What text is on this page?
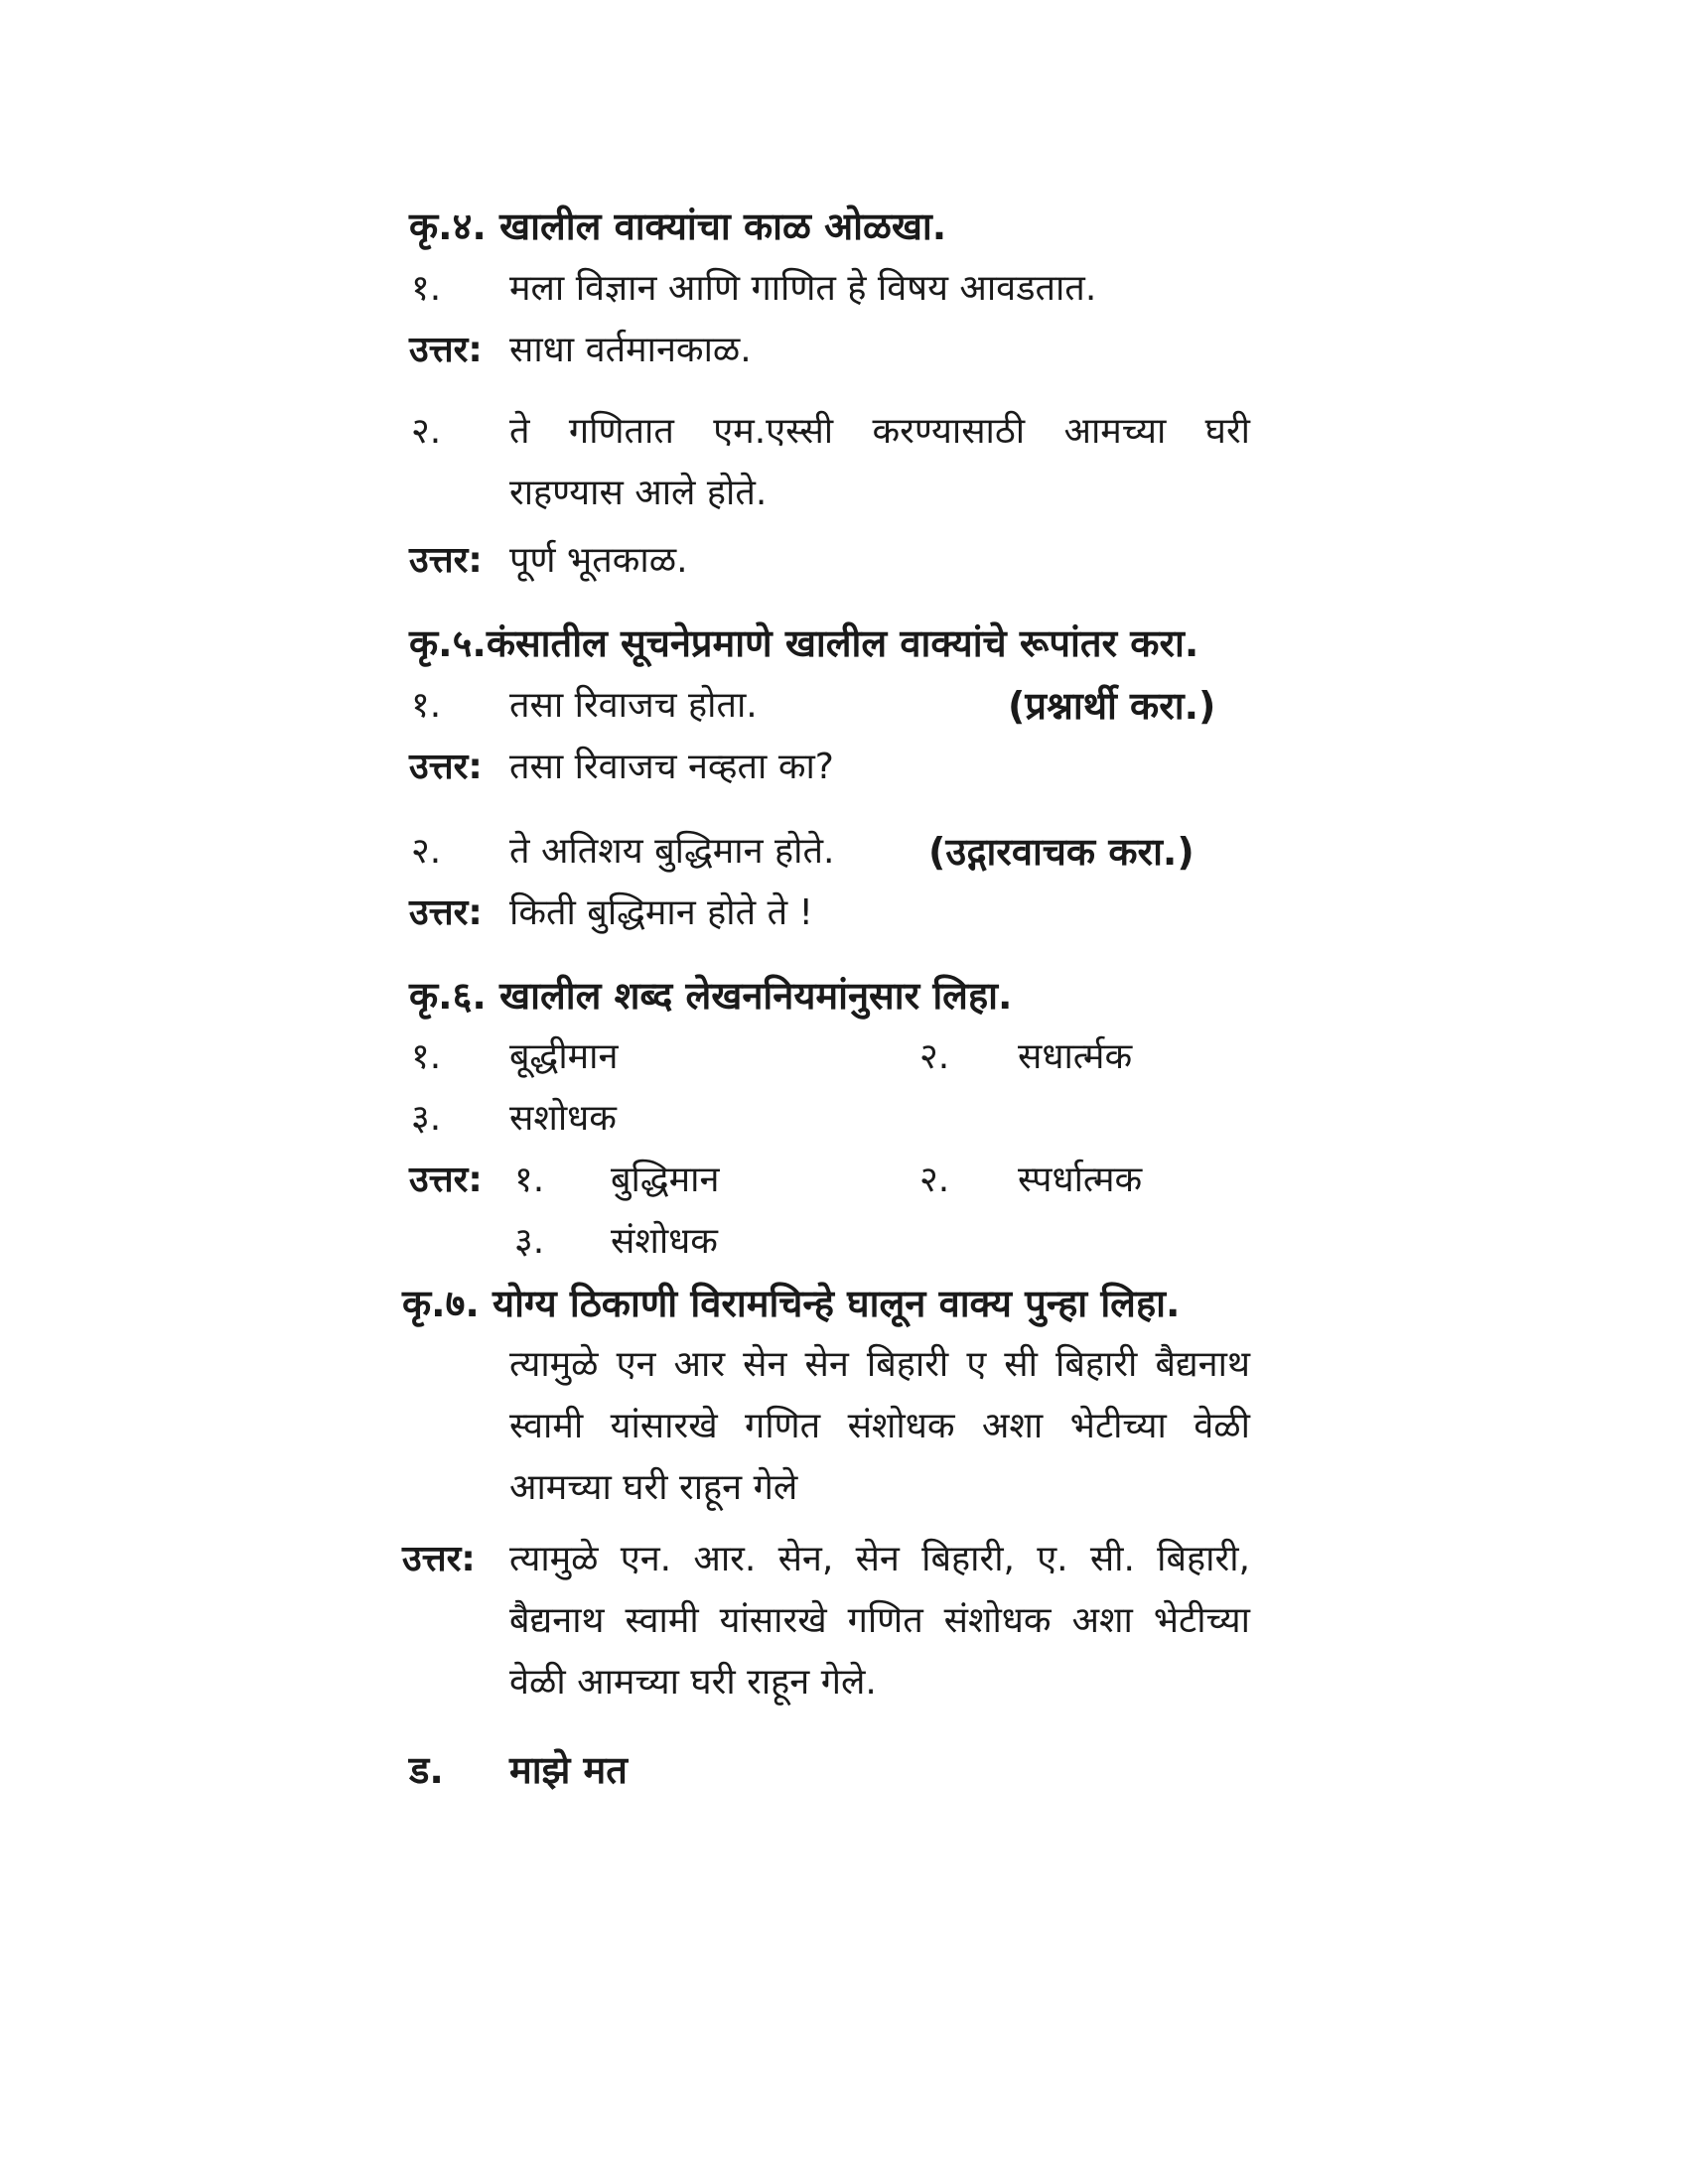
कृ.४. खालील वाक्यांचा काळ ओळखा.
१. मला विज्ञान आणि गाणित हे विषय आवडतात.
उत्तर: साधा वर्तमानकाळ.
२. ते गणितात एम.एस्सी करण्यासाठी आमच्या घरी
राहण्यास आले होते.
उत्तर: पूर्ण भूतकाळ.
कृ.५.कंसातील सूचनेप्रमाणे खालील वाक्यांचे रूपांतर करा.
१. तसा रिवाजच होता.	(प्रश्नार्थी करा.)
उत्तर: तसा रिवाजच नव्हता का?
२. ते अतिशय बुद्धिमान होते. (उद्गारवाचक करा.)
उत्तर: किती बुद्धिमान होते ते !
कृ.६. खालील शब्द लेखननियमांनुसार लिहा.
१. बूद्धीमान	२. सधार्त्मक
३. सशोधक
उत्तर: १. बुद्धिमान	२. स्पर्धात्मक
३. संशोधक
कृ.७. योग्य ठिकाणी विरामचिन्हे घालून वाक्य पुन्हा लिहा.
त्यामुळे एन आर सेन सेन बिहारी ए सी बिहारी बैद्यनाथ
स्वामी यांसारखे गणित संशोधक अशा भेटीच्या वेळी
आमच्या घरी राहून गेले
उत्तर: त्यामुळे एन. आर. सेन, सेन बिहारी, ए. सी. बिहारी,
बैद्यनाथ स्वामी यांसारखे गणित संशोधक अशा भेटीच्या
वेळी आमच्या घरी राहून गेले.
ड. माझे मत
